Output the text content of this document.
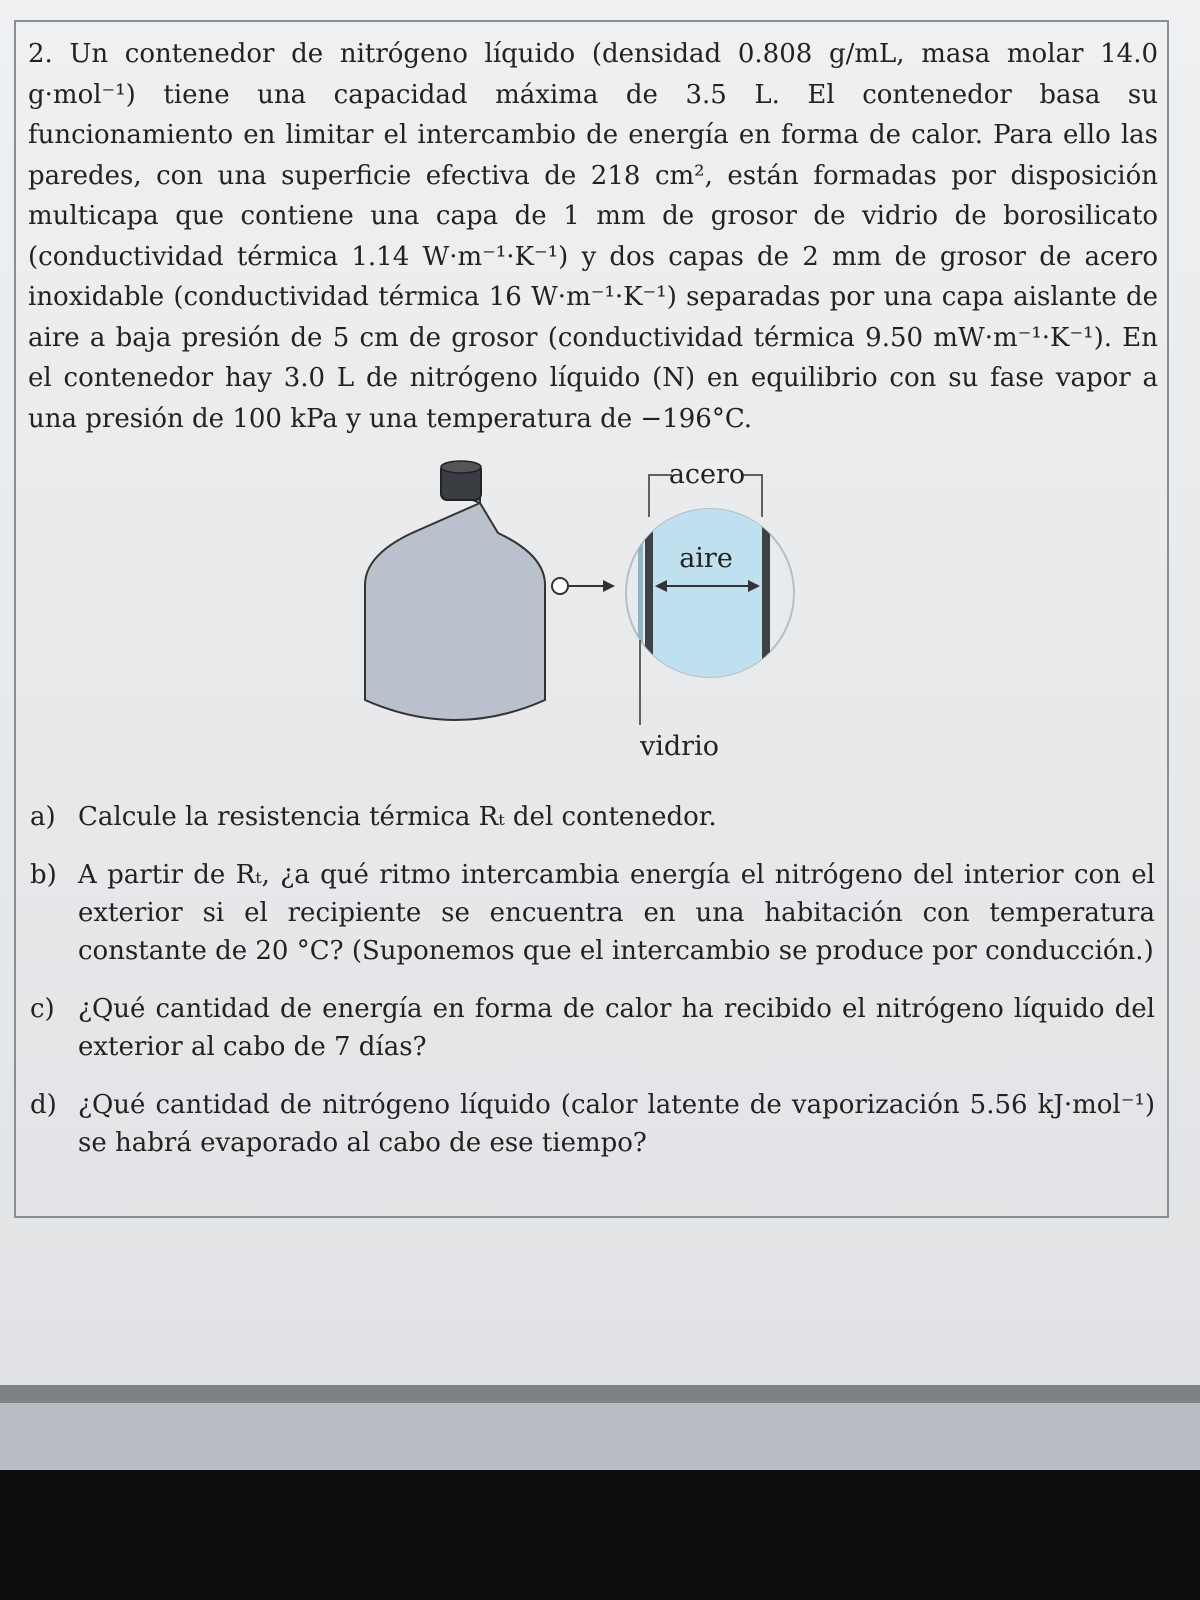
2. Un contenedor de nitrógeno líquido (densidad 0.808 g/mL, masa molar 14.0 g·mol⁻¹) tiene una capacidad máxima de 3.5 L. El contenedor basa su funcionamiento en limitar el intercambio de energía en forma de calor. Para ello las paredes, con una superficie efectiva de 218 cm², están formadas por disposición multicapa que contiene una capa de 1 mm de grosor de vidrio de borosilicato (conductividad térmica 1.14 W·m⁻¹·K⁻¹) y dos capas de 2 mm de grosor de acero inoxidable (conductividad térmica 16 W·m⁻¹·K⁻¹) separadas por una capa aislante de aire a baja presión de 5 cm de grosor (conductividad térmica 9.50 mW·m⁻¹·K⁻¹). En el contenedor hay 3.0 L de nitrógeno líquido (N) en equilibrio con su fase vapor a una presión de 100 kPa y una temperatura de −196°C.

acero
aire
vidrio
a) Calcule la resistencia térmica Rₜ del contenedor.
b) A partir de Rₜ, ¿a qué ritmo intercambia energía el nitrógeno del interior con el exterior si el recipiente se encuentra en una habitación con temperatura constante de 20 °C? (Suponemos que el intercambio se produce por conducción.)
c) ¿Qué cantidad de energía en forma de calor ha recibido el nitrógeno líquido del exterior al cabo de 7 días?
d) ¿Qué cantidad de nitrógeno líquido (calor latente de vaporización 5.56 kJ·mol⁻¹) se habrá evaporado al cabo de ese tiempo?
